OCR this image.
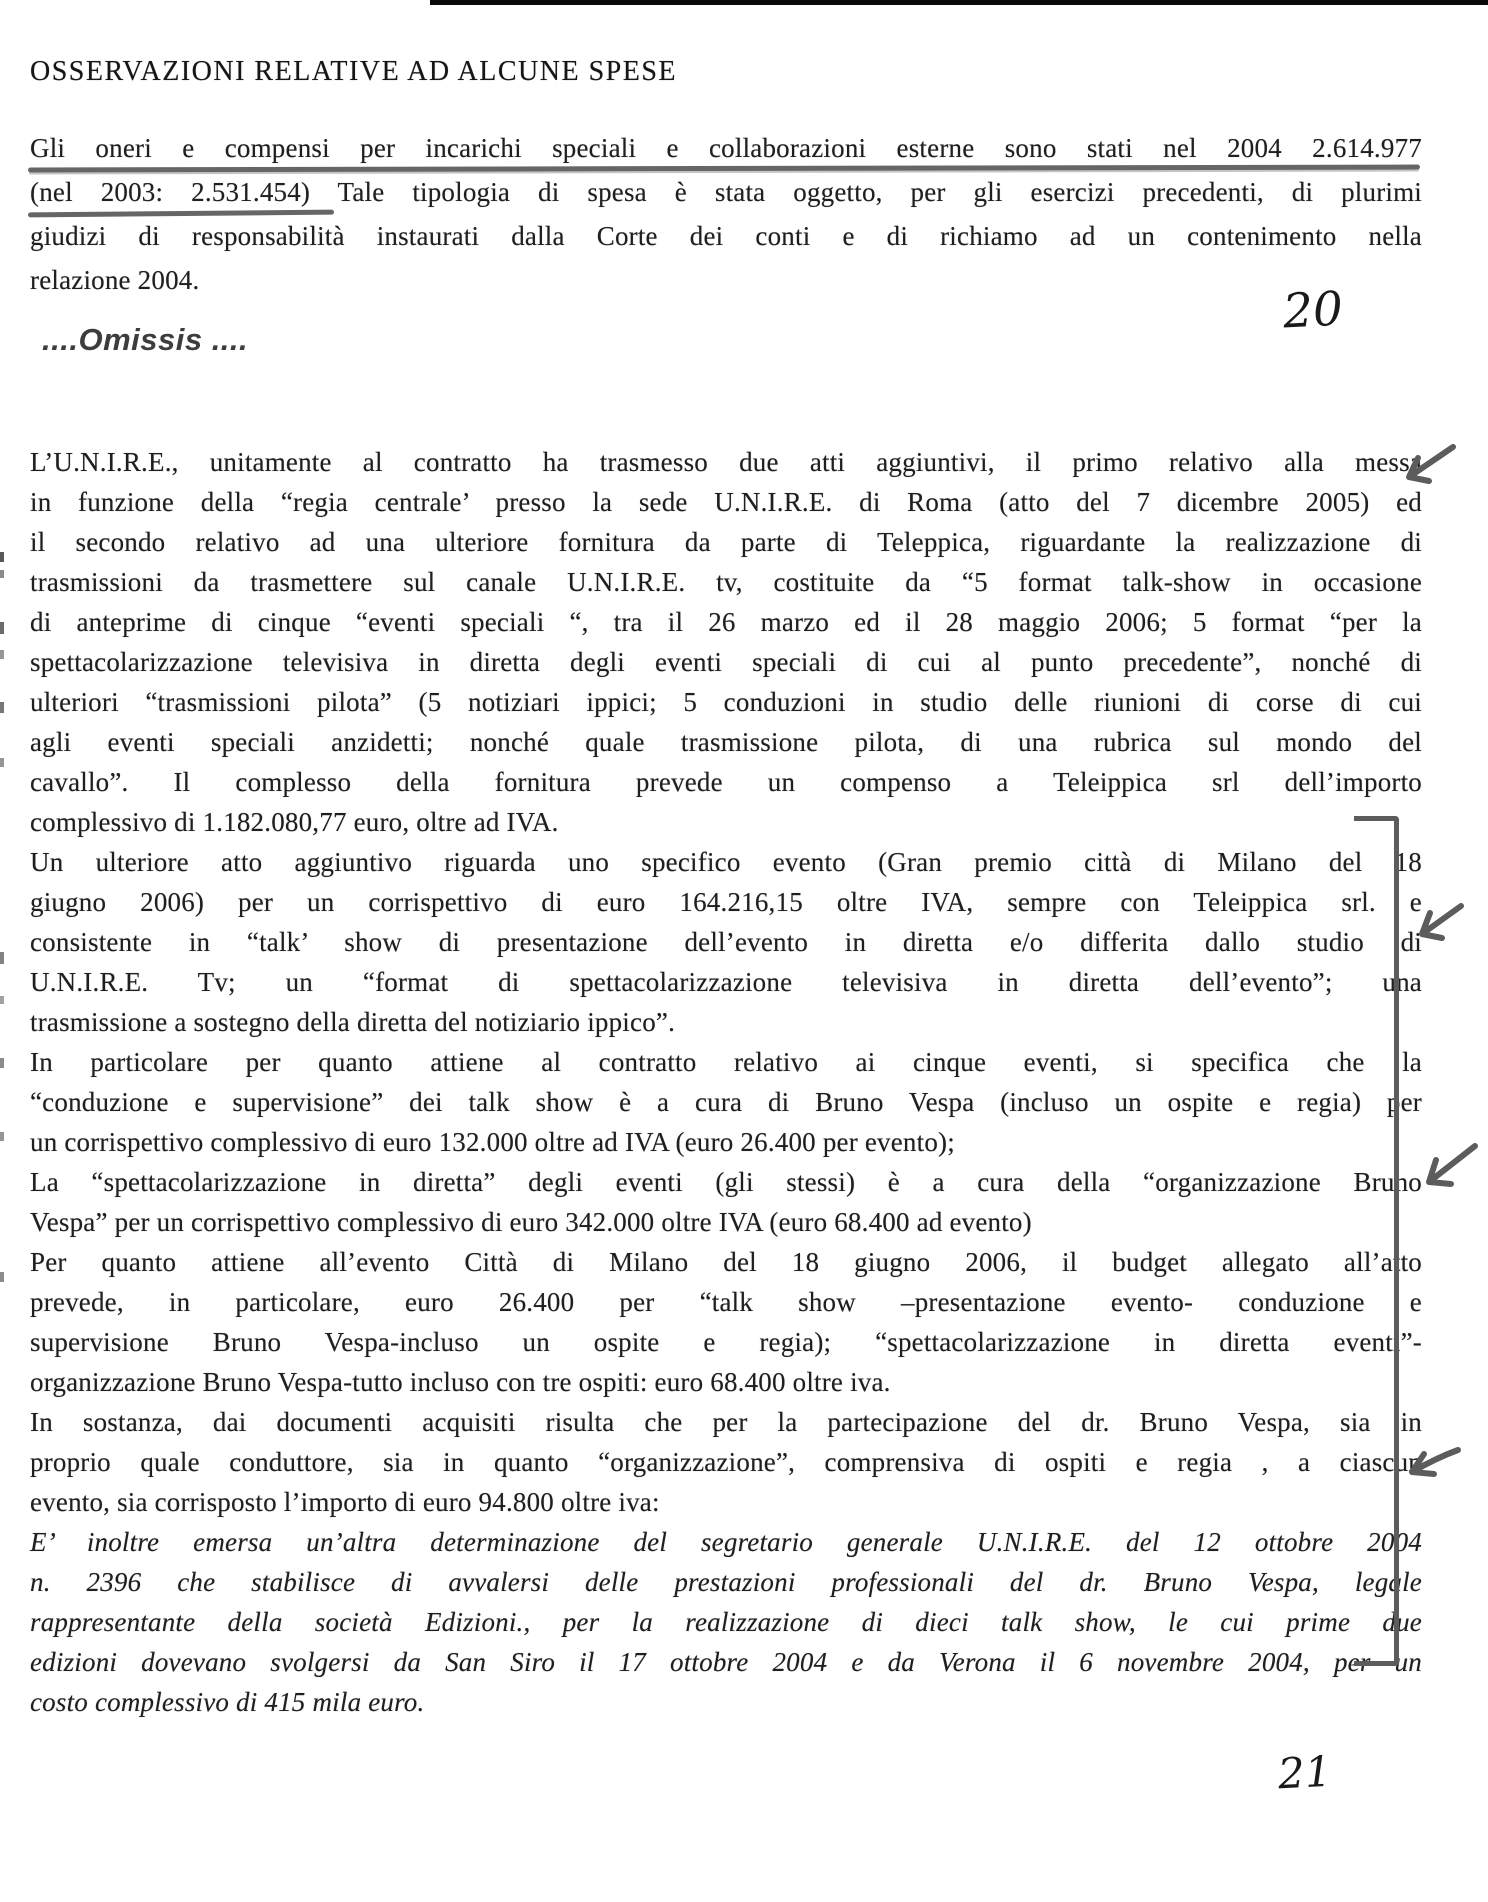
OSSERVAZIONI RELATIVE AD ALCUNE SPESE
Gli oneri e compensi per incarichi speciali e collaborazioni esterne sono stati nel 2004 2.614.977
(nel 2003: 2.531.454) Tale tipologia di spesa è stata oggetto, per gli esercizi precedenti, di plurimi
giudizi di responsabilità instaurati dalla Corte dei conti e di richiamo ad un contenimento nella
relazione 2004.
20
....Omissis ....
L’U.N.I.R.E., unitamente al contratto ha trasmesso due atti aggiuntivi, il primo relativo alla messa
in funzione della “regia centrale’ presso la sede U.N.I.R.E. di Roma (atto del 7 dicembre 2005) ed
il secondo relativo ad una ulteriore fornitura da parte di Teleppica, riguardante la realizzazione di
trasmissioni da trasmettere sul canale U.N.I.R.E. tv, costituite da “5 format talk-show in occasione
di anteprime di cinque “eventi speciali “, tra il 26 marzo ed il 28 maggio 2006; 5 format “per la
spettacolarizzazione televisiva in diretta degli eventi speciali di cui al punto precedente”, nonché di
ulteriori “trasmissioni pilota” (5 notiziari ippici; 5 conduzioni in studio delle riunioni di corse di cui
agli eventi speciali anzidetti; nonché quale trasmissione pilota, di una rubrica sul mondo del
cavallo”. Il complesso della fornitura prevede un compenso a Teleippica srl dell’importo
complessivo di 1.182.080,77 euro, oltre ad IVA.
Un ulteriore atto aggiuntivo riguarda uno specifico evento (Gran premio città di Milano del 18
giugno 2006) per un corrispettivo di euro 164.216,15 oltre IVA, sempre con Teleippica srl. e
consistente in “talk’ show di presentazione dell’evento in diretta e/o differita dallo studio di
U.N.I.R.E. Tv; un “format di spettacolarizzazione televisiva in diretta dell’evento”; una
trasmissione a sostegno della diretta del notiziario ippico”.
In particolare per quanto attiene al contratto relativo ai cinque eventi, si specifica che la
“conduzione e supervisione” dei talk show è a cura di Bruno Vespa (incluso un ospite e regia) per
un corrispettivo complessivo di euro 132.000 oltre ad IVA (euro 26.400 per evento);
La “spettacolarizzazione in diretta” degli eventi (gli stessi) è a cura della “organizzazione Bruno
Vespa” per un corrispettivo complessivo di euro 342.000 oltre IVA (euro 68.400 ad evento)
Per quanto attiene all’evento Città di Milano del 18 giugno 2006, il budget allegato all’atto
prevede, in particolare, euro 26.400 per “talk show –presentazione evento- conduzione e
supervisione Bruno Vespa-incluso un ospite e regia); “spettacolarizzazione in diretta eventi”-
organizzazione Bruno Vespa-tutto incluso con tre ospiti: euro 68.400 oltre iva.
In sostanza, dai documenti acquisiti risulta che per la partecipazione del dr. Bruno Vespa, sia in
proprio quale conduttore, sia in quanto “organizzazione”, comprensiva di ospiti e regia , a ciascun
evento, sia corrisposto l’importo di euro 94.800 oltre iva:
E’ inoltre emersa un’altra determinazione del segretario generale U.N.I.R.E. del 12 ottobre 2004
n. 2396 che stabilisce di avvalersi delle prestazioni professionali del dr. Bruno Vespa, legale
rappresentante della società Edizioni., per la realizzazione di dieci talk show, le cui prime due
edizioni dovevano svolgersi da San Siro il 17 ottobre 2004 e da Verona il 6 novembre 2004, per un
costo complessivo di 415 mila euro.
21
